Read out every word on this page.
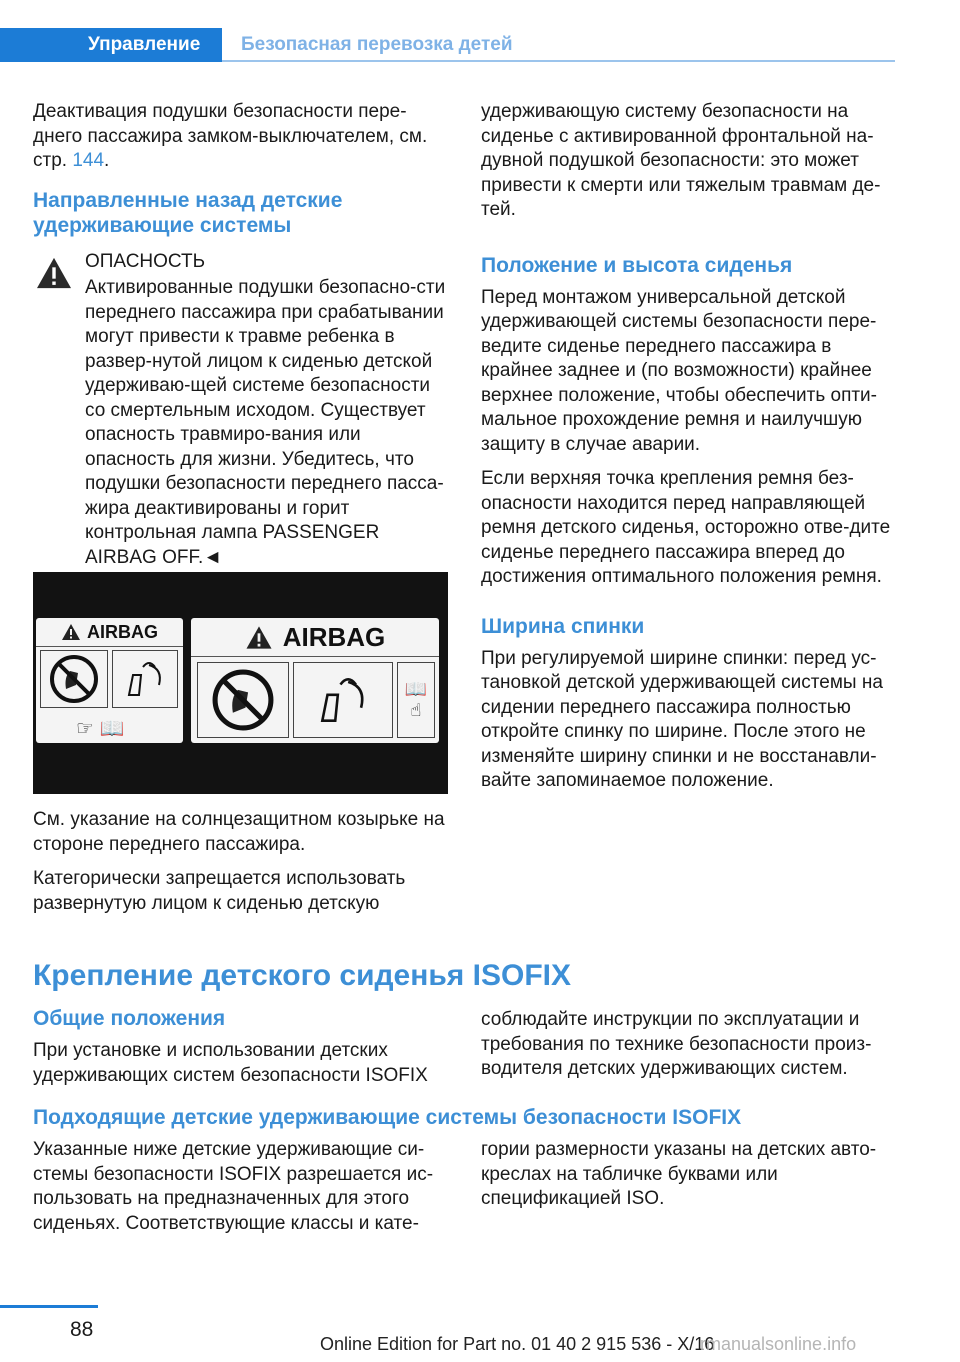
Управление Безопасная перевозка детей

Деактивация подушки безопасности пере-днего пассажира замком-выключателем, см. стр. 144.

Направленные назад детские удерживающие системы

ОПАСНОСТЬ

Активированные подушки безопасно-сти переднего пассажира при срабатывании могут привести к травме ребенка в развер-нутой лицом к сиденью детской удерживаю-щей системе безопасности со смертельным исходом. Существует опасность травмиро-вания или опасность для жизни. Убедитесь, что подушки безопасности переднего пасса-жира деактивированы и горит контрольная лампа PASSENGER AIRBAG OFF.◄

AIRBAG
☞ 📖
AIRBAG
📖
☝

См. указание на солнцезащитном козырьке на стороне переднего пассажира.

Категорически запрещается использовать развернутую лицом к сиденью детскую

удерживающую систему безопасности на сиденье с активированной фронтальной на-дувной подушкой безопасности: это может привести к смерти или тяжелым травмам де-тей.

Положение и высота сиденья

Перед монтажом универсальной детской удерживающей системы безопасности пере-ведите сиденье переднего пассажира в крайнее заднее и (по возможности) крайнее верхнее положение, чтобы обеспечить опти-мальное прохождение ремня и наилучшую защиту в случае аварии.

Если верхняя точка крепления ремня без-опасности находится перед направляющей ремня детского сиденья, осторожно отве-дите сиденье переднего пассажира вперед до достижения оптимального положения ремня.

Ширина спинки

При регулируемой ширине спинки: перед ус-тановкой детской удерживающей системы на сидении переднего пассажира полностью откройте спинку по ширине. После этого не изменяйте ширину спинки и не восстанавли-вайте запоминаемое положение.

Крепление детского сиденья ISOFIX
Общие положения

При установке и использовании детских удерживающих систем безопасности ISOFIX

соблюдайте инструкции по эксплуатации и требования по технике безопасности произ-водителя детских удерживающих систем.

Подходящие детские удерживающие системы безопасности ISOFIX

Указанные ниже детские удерживающие си-стемы безопасности ISOFIX разрешается ис-пользовать на предназначенных для этого сиденьях. Соответствующие классы и кате-

гории размерности указаны на детских авто-креслах на табличке буквами или спецификацией ISO.

88
Online Edition for Part no. 01 40 2 915 536 - X/16
rmanualsonline.info
